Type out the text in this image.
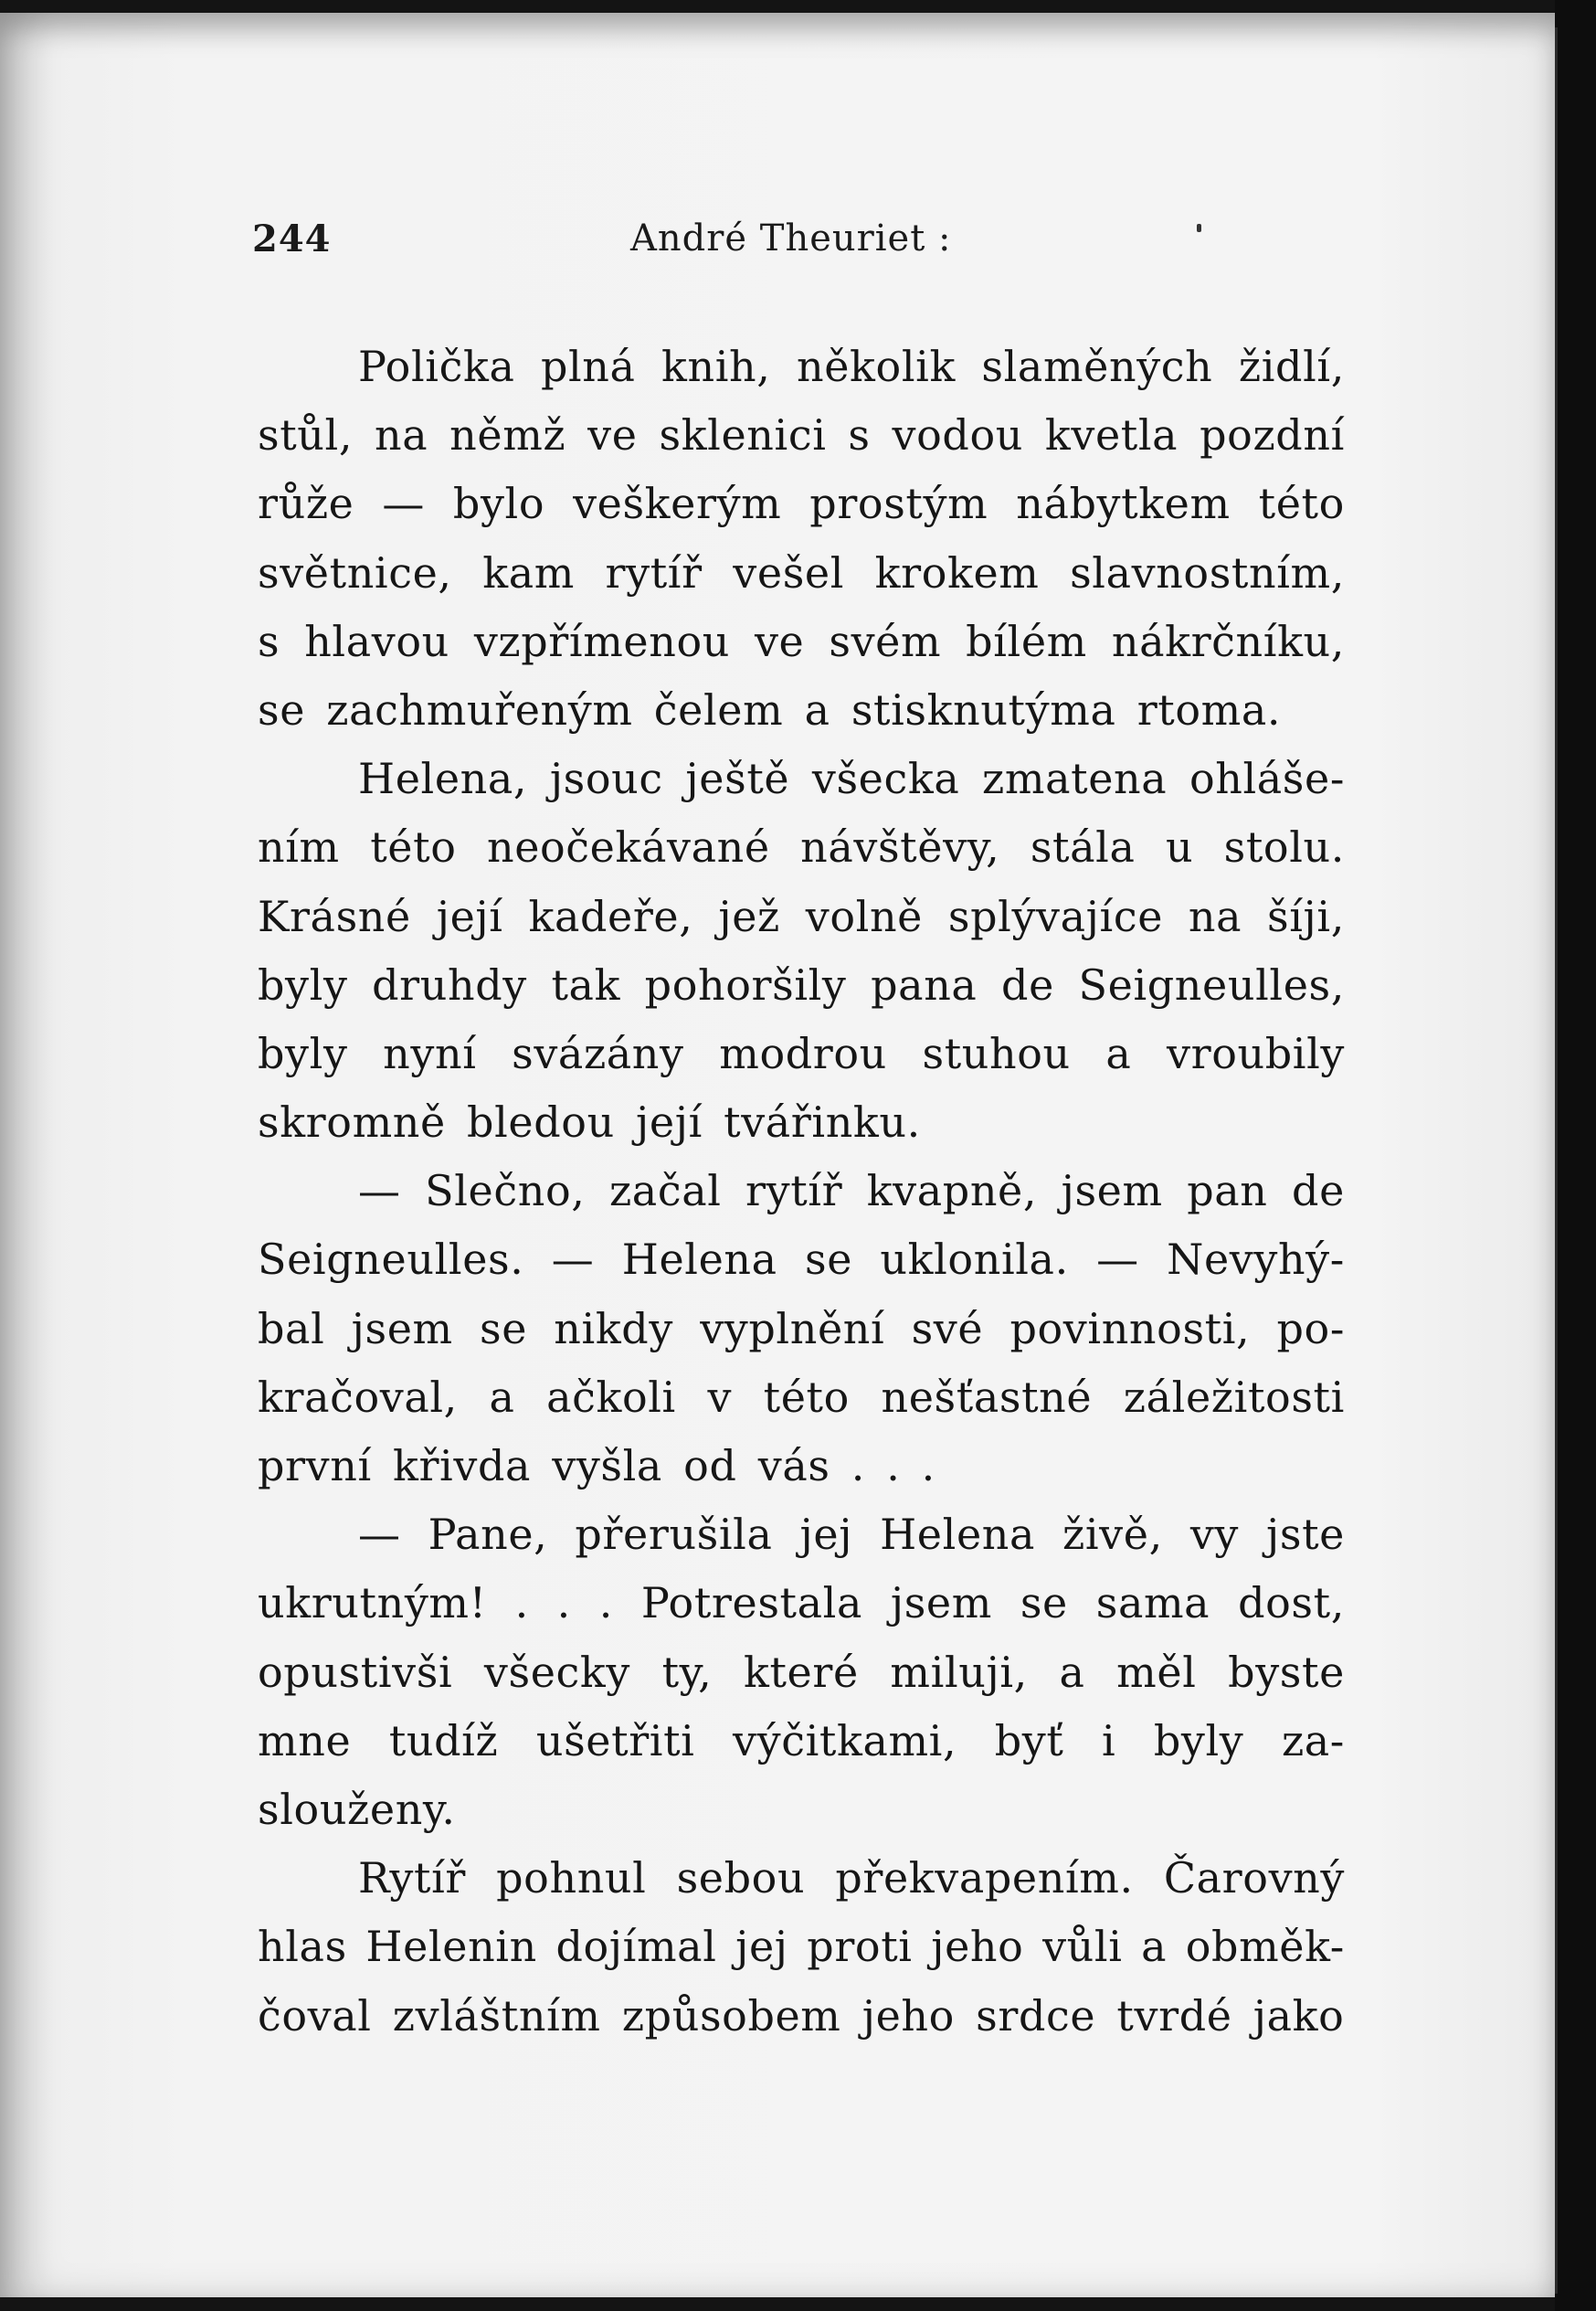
244	André Theuriet :
Polička plná knih, několik slaměných židlí,
stůl, na němž ve sklenici s vodou kvetla pozdní
růže — bylo veškerým prostým nábytkem této
světnice, kam rytíř vešel krokem slavnostním,
s hlavou vzpřímenou ve svém bílém nákrčníku,
se zachmuřeným čelem a stisknutýma rtoma.
Helena, jsouc ještě všecka zmatena ohláše-
ním této neočekávané návštěvy, stála u stolu.
Krásné její kadeře, jež volně splývajíce na šíji,
byly druhdy tak pohoršily pana de Seigneulles,
byly nyní svázány modrou stuhou a vroubily
skromně bledou její tvářinku.
— Slečno, začal rytíř kvapně, jsem pan de
Seigneulles. — Helena se uklonila. — Nevyhý-
bal jsem se nikdy vyplnění své povinnosti, po-
kračoval, a ačkoli v této nešťastné záležitosti
první křivda vyšla od vás . . .
— Pane, přerušila jej Helena živě, vy jste
ukrutným! . . . Potrestala jsem se sama dost,
opustivši všecky ty, které miluji, a měl byste
mne tudíž ušetřiti výčitkami, byť i byly za-
slouženy.
Rytíř pohnul sebou překvapením. Čarovný
hlas Helenin dojímal jej proti jeho vůli a obměk-
čoval zvláštním způsobem jeho srdce tvrdé jako
